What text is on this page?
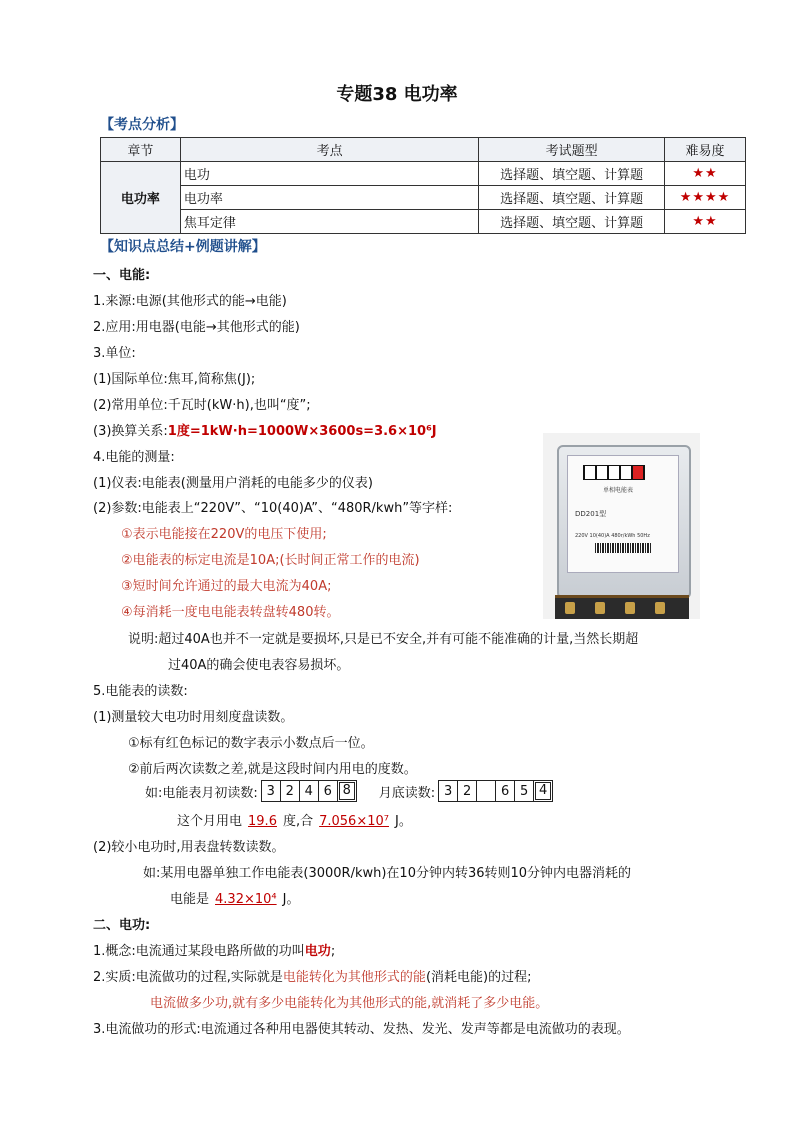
专题38 电功率
【考点分析】
章节	考点	考试题型	难易度
电功率	电功	选择题、填空题、计算题	★★
	电功率	选择题、填空题、计算题	★★★★
	焦耳定律	选择题、填空题、计算题	★★
【知识点总结+例题讲解】
一、电能:
1.来源:电源(其他形式的能→电能)
2.应用:用电器(电能→其他形式的能)
3.单位:
(1)国际单位:焦耳,简称焦(J);
(2)常用单位:千瓦时(kW·h),也叫“度”;
(3)换算关系:1度=1kW·h=1000W×3600s=3.6×10⁶J
4.电能的测量:
(1)仪表:电能表(测量用户消耗的电能多少的仪表)
(2)参数:电能表上“220V”、“10(40)A”、“480R/kwh”等字样:
①表示电能接在220V的电压下使用;
②电能表的标定电流是10A;(长时间正常工作的电流)
③短时间允许通过的最大电流为40A;
④每消耗一度电电能表转盘转480转。
说明:超过40A也并不一定就是要损坏,只是已不安全,并有可能不能准确的计量,当然长期超
过40A的确会使电表容易损坏。
单相电能表
DD201型
220V 10(40)A 480r/kWh 50Hz
5.电能表的读数:
(1)测量较大电功时用刻度盘读数。
①标有红色标记的数字表示小数点后一位。
②前后两次读数之差,就是这段时间内用电的度数。
如:电能表月初读数: 3 2 4 6 8	月底读数: 3 2	6 5 4
这个月用电 19.6 度,合 7.056×10⁷ J。
(2)较小电功时,用表盘转数读数。
如:某用电器单独工作电能表(3000R/kwh)在10分钟内转36转则10分钟内电器消耗的
电能是 4.32×10⁴ J。
二、电功:
1.概念:电流通过某段电路所做的功叫电功;
2.实质:电流做功的过程,实际就是电能转化为其他形式的能(消耗电能)的过程;
电流做多少功,就有多少电能转化为其他形式的能,就消耗了多少电能。
3.电流做功的形式:电流通过各种用电器使其转动、发热、发光、发声等都是电流做功的表现。
